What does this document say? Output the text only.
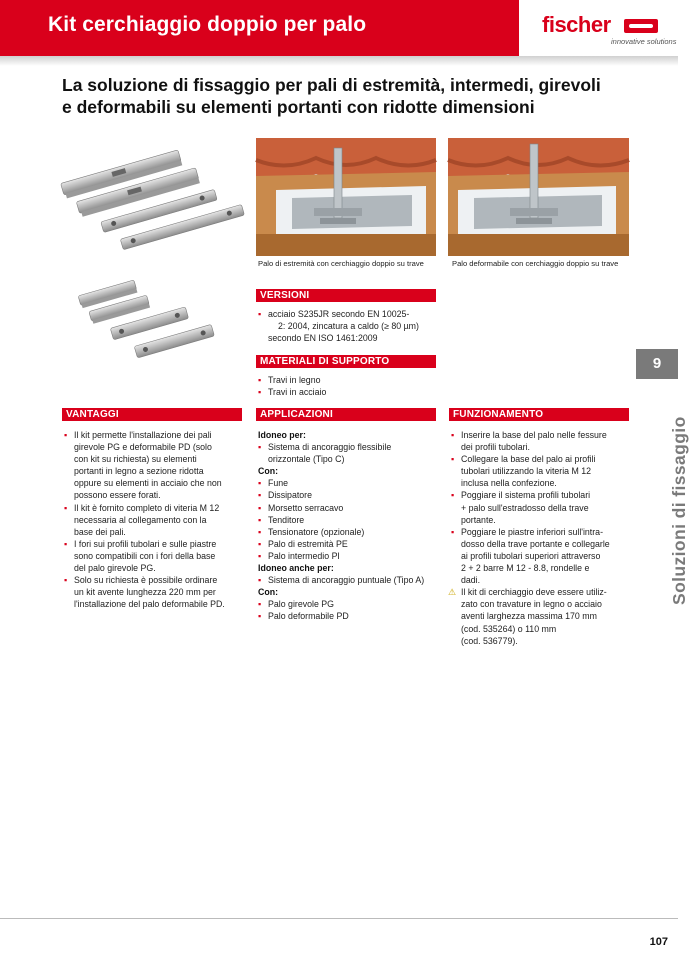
Kit cerchiaggio doppio per palo	fischer
innovative solutions
La soluzione di fissaggio per pali di estremità, intermedi, girevoli
e deformabili su elementi portanti con ridotte dimensioni
Palo di estremità con cerchiaggio doppio su trave	Palo deformabile con cerchiaggio doppio su trave
VERSIONI
▪ acciaio S235JR secondo EN 10025-
2: 2004, zincatura a caldo (≥ 80 µm)
secondo EN ISO 1461:2009
MATERIALI DI SUPPORTO
▪ Travi in legno
▪ Travi in acciaio
VANTAGGI
▪ Il kit permette l'installazione dei pali
girevole PG e deformabile PD (solo
con kit su richiesta) su elementi
portanti in legno a sezione ridotta
oppure su elementi in acciaio che non
possono essere forati.
▪ Il kit è fornito completo di viteria M 12
necessaria al collegamento con la
base dei pali.
▪ I fori sui profili tubolari e sulle piastre
sono compatibili con i fori della base
del palo girevole PG.
▪ Solo su richiesta è possibile ordinare
un kit avente lunghezza 220 mm per
l'installazione del palo deformabile PD.
APPLICAZIONI
Idoneo per:
▪ Sistema di ancoraggio flessibile
orizzontale (Tipo C)
Con:
▪ Fune
▪ Dissipatore
▪ Morsetto serracavo
▪ Tenditore
▪ Tensionatore (opzionale)
▪ Palo di estremità PE
▪ Palo intermedio PI
Idoneo anche per:
▪ Sistema di ancoraggio puntuale (Tipo A)
Con:
▪ Palo girevole PG
▪ Palo deformabile PD
FUNZIONAMENTO
▪ Inserire la base del palo nelle fessure
dei profili tubolari.
▪ Collegare la base del palo ai profili
tubolari utilizzando la viteria M 12
inclusa nella confezione.
▪ Poggiare il sistema profili tubolari
+ palo sull'estradosso della trave
portante.
▪ Poggiare le piastre inferiori sull'intra-
dosso della trave portante e collegarle
ai profili tubolari superiori attraverso
2 + 2 barre M 12 - 8.8, rondelle e
dadi.
⚠ Il kit di cerchiaggio deve essere utiliz-
zato con travature in legno o acciaio
aventi larghezza massima 170 mm
(cod. 535264) o 110 mm
(cod. 536779).
9
Soluzioni di fissaggio
107
